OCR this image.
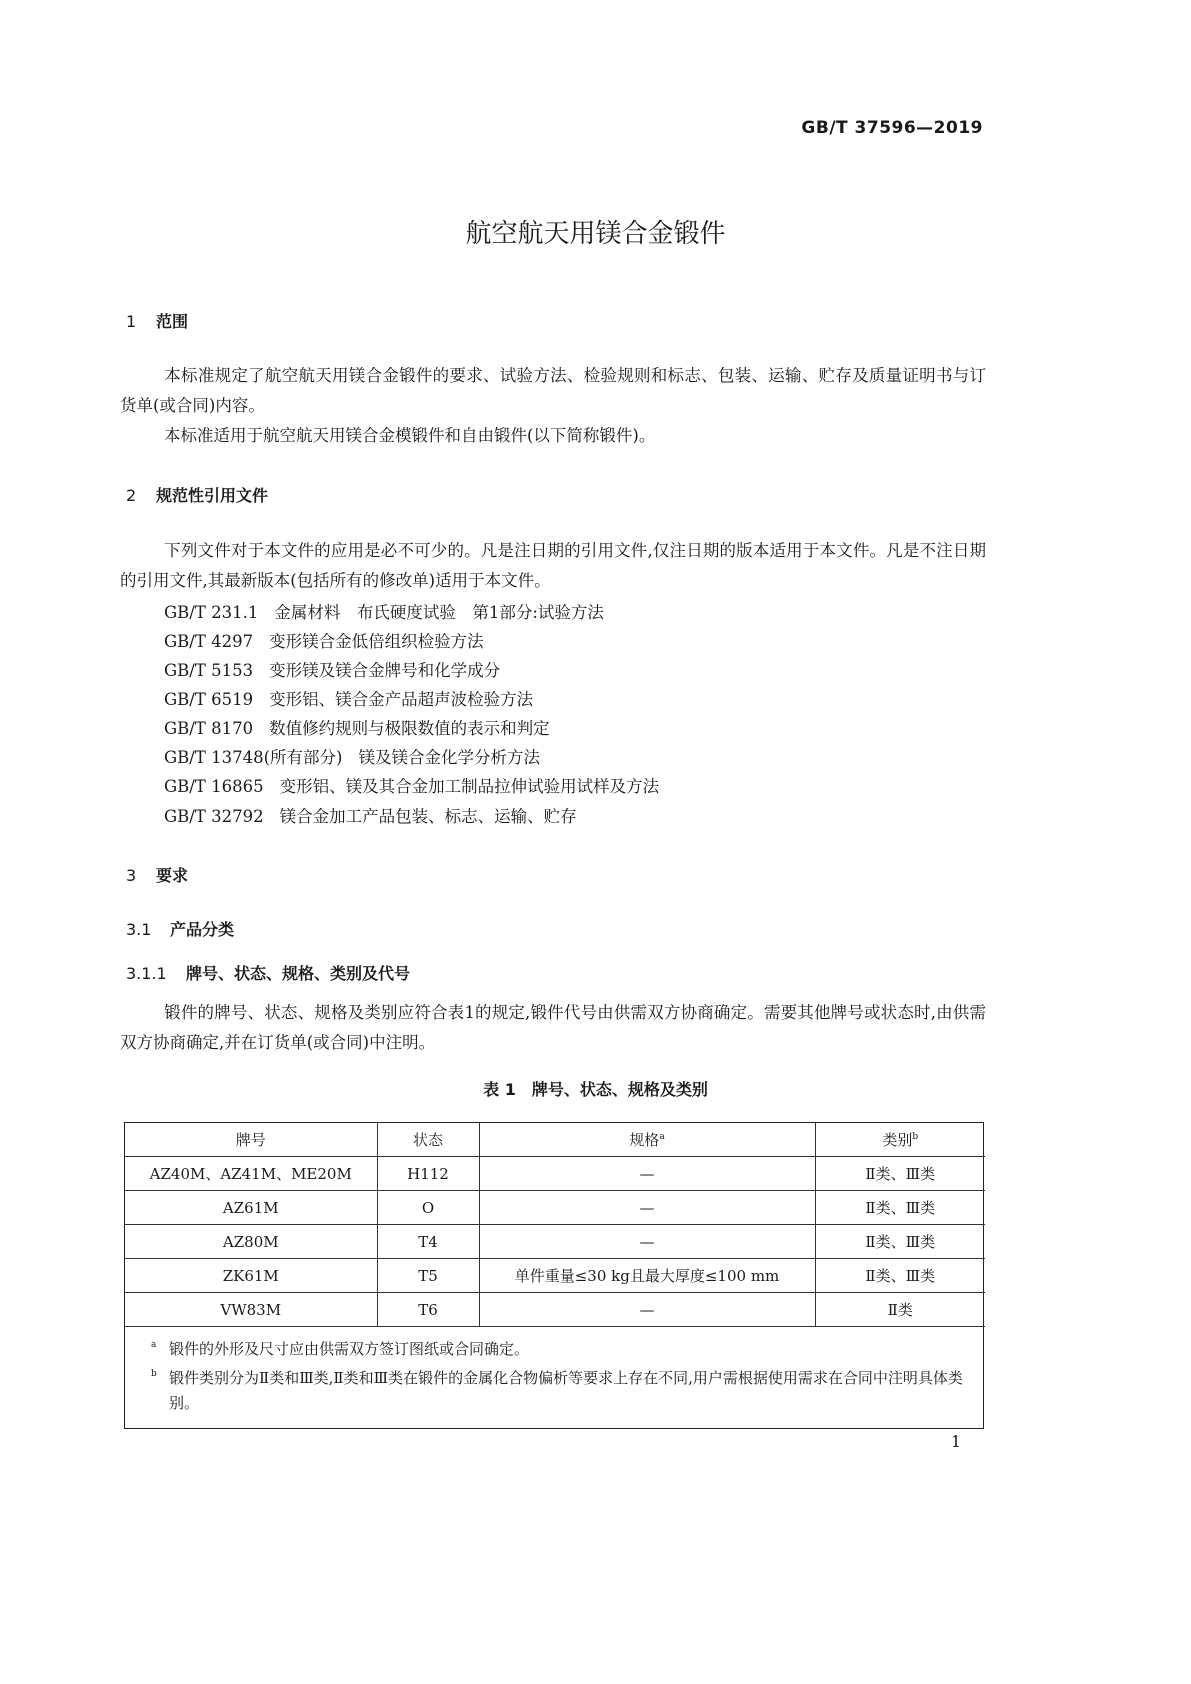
GB/T 37596—2019
航空航天用镁合金锻件
1 范围
本标准规定了航空航天用镁合金锻件的要求、试验方法、检验规则和标志、包装、运输、贮存及质量证明书与订货单(或合同)内容。
本标准适用于航空航天用镁合金模锻件和自由锻件(以下简称锻件)。
2 规范性引用文件
下列文件对于本文件的应用是必不可少的。凡是注日期的引用文件,仅注日期的版本适用于本文件。凡是不注日期的引用文件,其最新版本(包括所有的修改单)适用于本文件。
GB/T 231.1 金属材料　布氏硬度试验　第1部分:试验方法
GB/T 4297 变形镁合金低倍组织检验方法
GB/T 5153 变形镁及镁合金牌号和化学成分
GB/T 6519 变形铝、镁合金产品超声波检验方法
GB/T 8170 数值修约规则与极限数值的表示和判定
GB/T 13748(所有部分) 镁及镁合金化学分析方法
GB/T 16865 变形铝、镁及其合金加工制品拉伸试验用试样及方法
GB/T 32792 镁合金加工产品包装、标志、运输、贮存
3 要求
3.1 产品分类
3.1.1 牌号、状态、规格、类别及代号
锻件的牌号、状态、规格及类别应符合表1的规定,锻件代号由供需双方协商确定。需要其他牌号或状态时,由供需双方协商确定,并在订货单(或合同)中注明。
表 1　牌号、状态、规格及类别
牌号	状态	规格$^a$	类别$^b$
AZ40M、AZ41M、ME20M	H112	—	Ⅱ类、Ⅲ类
AZ61M	O	—	Ⅱ类、Ⅲ类
AZ80M	T4	—	Ⅱ类、Ⅲ类
ZK61M	T5	单件重量≤30 kg且最大厚度≤100 mm	Ⅱ类、Ⅲ类
VW83M	T6	—	Ⅱ类
a 锻件的外形及尺寸应由供需双方签订图纸或合同确定。
b 锻件类别分为Ⅱ类和Ⅲ类,Ⅱ类和Ⅲ类在锻件的金属化合物偏析等要求上存在不同,用户需根据使用需求在合同中注明具体类别。
1
